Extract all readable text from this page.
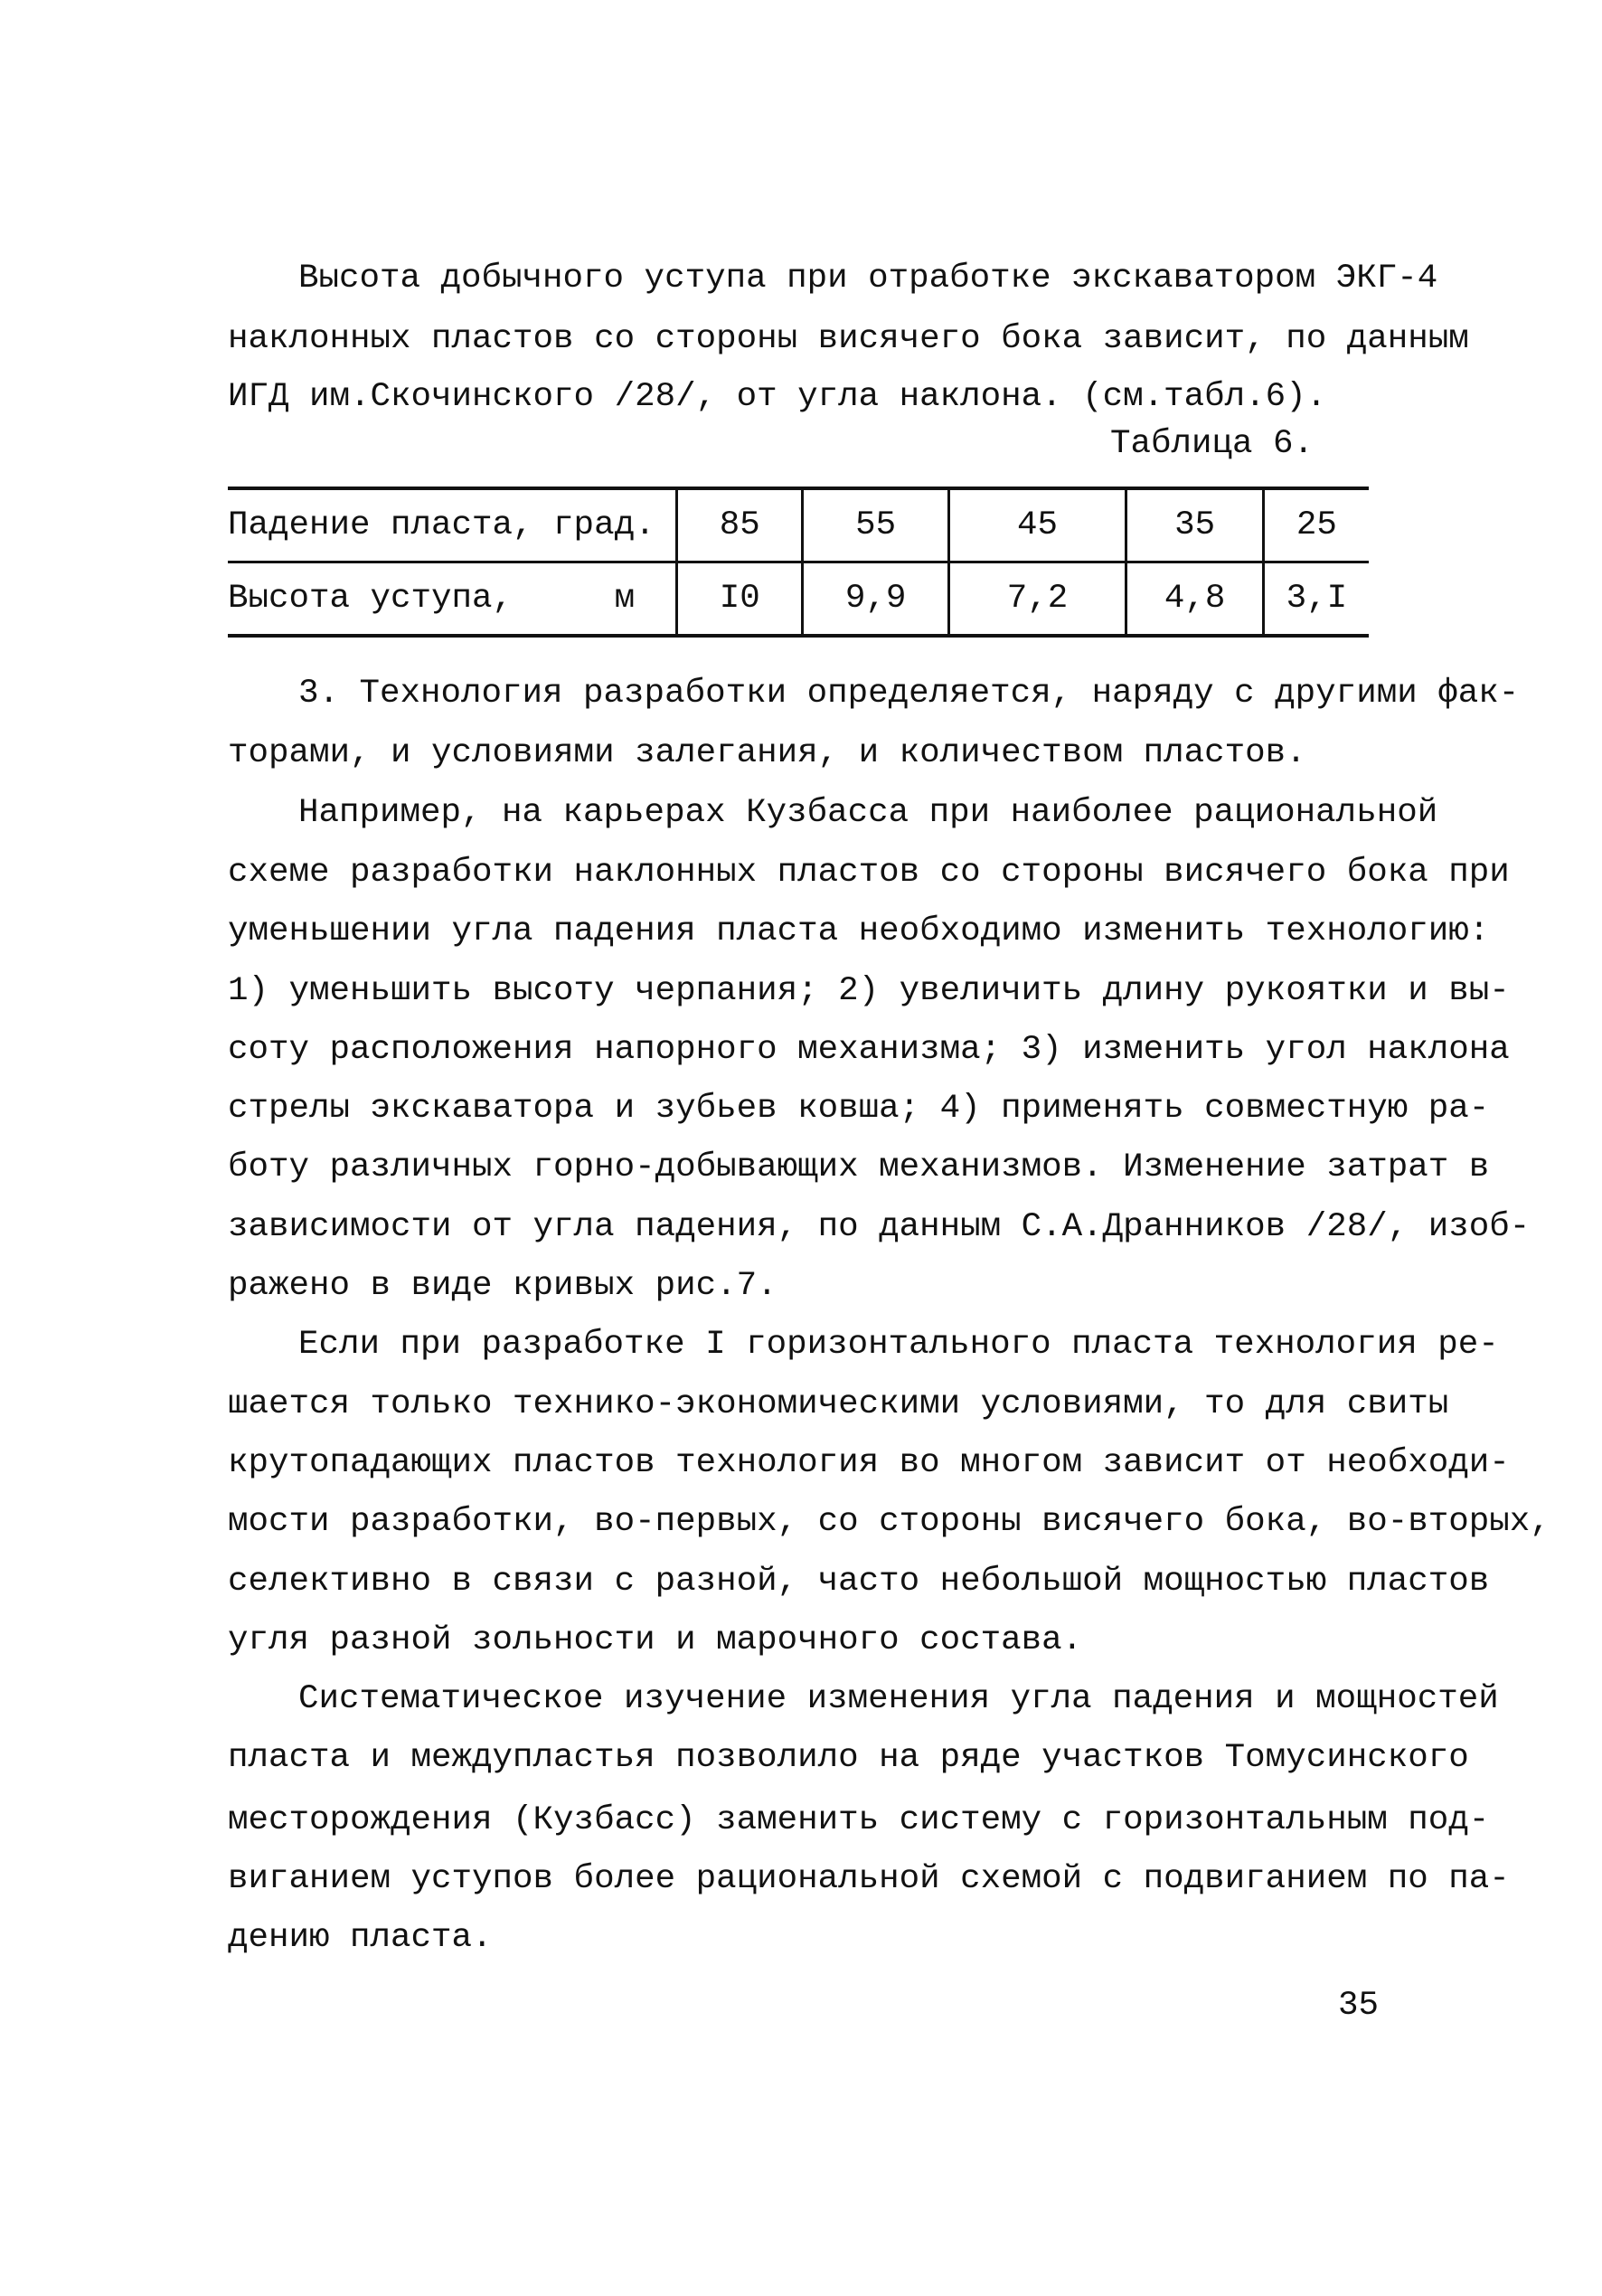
Высота добычного уступа при отработке экскаватором ЭКГ-4
наклонных пластов со стороны висячего бока зависит, по данным
ИГД им.Скочинского /28/, от угла наклона. (см.табл.6).
Таблица 6.
Падение пласта, град.	85	55	45	35	25
Высота уступа,     м	I0	9,9	7,2	4,8	3,I
3. Технология разработки определяется, наряду с другими фак-
торами, и условиями залегания, и количеством пластов.
Например, на карьерах Кузбасса при наиболее рациональной
схеме разработки наклонных пластов со стороны висячего бока при
уменьшении угла падения пласта необходимо изменить технологию:
1) уменьшить высоту черпания; 2) увеличить длину рукоятки и вы-
соту расположения напорного механизма; 3) изменить угол наклона
стрелы экскаватора и зубьев ковша; 4) применять совместную ра-
боту различных горно-добывающих механизмов. Изменение затрат в
зависимости от угла падения, по данным С.А.Дранников /28/, изоб-
ражено в виде кривых рис.7.
Если при разработке I горизонтального пласта технология ре-
шается только технико-экономическими условиями, то для свиты
крутопадающих пластов технология во многом зависит от необходи-
мости разработки, во-первых, со стороны висячего бока, во-вторых,
селективно в связи с разной, часто небольшой мощностью пластов
угля разной зольности и марочного состава.
Систематическое изучение изменения угла падения и мощностей
пласта и междупластья позволило на ряде участков Томусинского
месторождения (Кузбасс) заменить систему с горизонтальным под-
виганием уступов более рациональной схемой с подвиганием по па-
дению пласта.
35
